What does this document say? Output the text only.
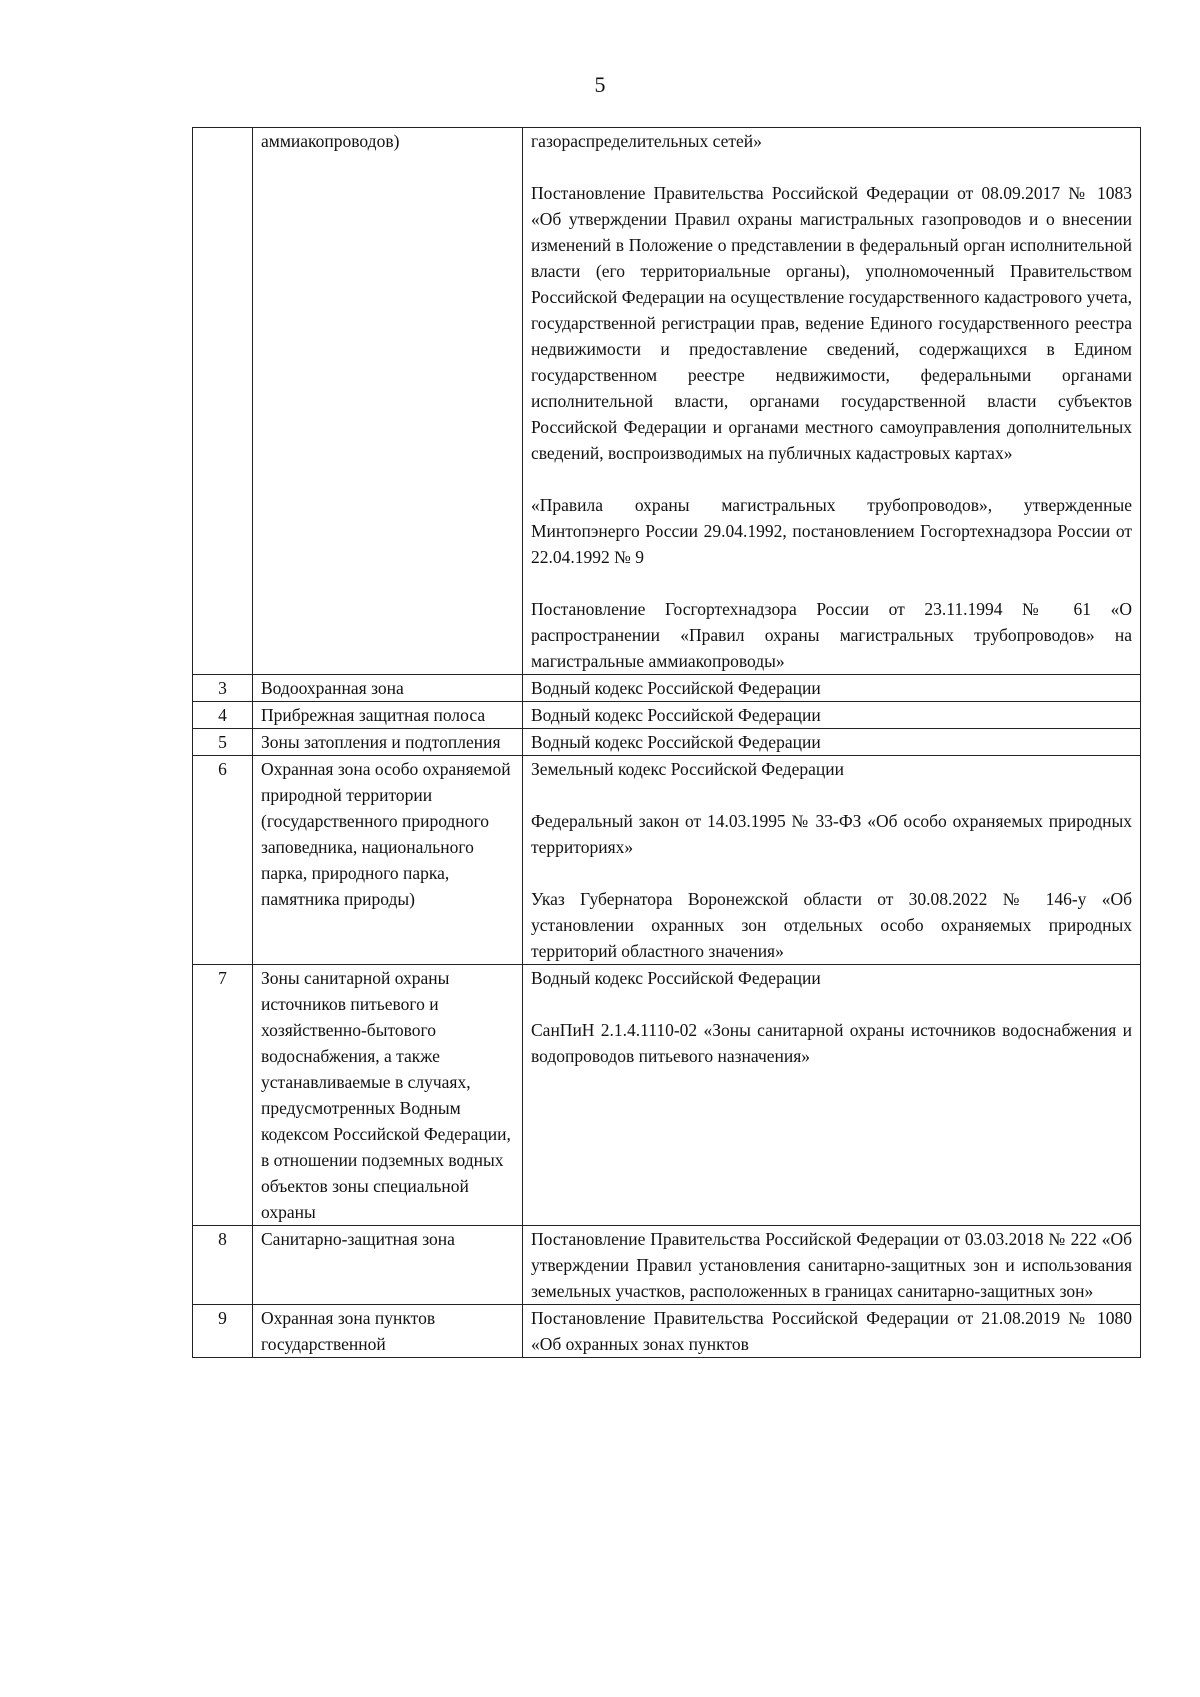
5
	аммиакопроводов)	газораспределительных сетей»

Постановление Правительства Российской Федерации от 08.09.2017 № 1083 «Об утверждении Правил охраны магистральных газопроводов и о внесении изменений в Положение о представлении в федеральный орган исполнительной власти (его территориальные органы), уполномоченный Правительством Российской Федерации на осуществление государственного кадастрового учета, государственной регистрации прав, ведение Единого государственного реестра недвижимости и предоставление сведений, содержащихся в Едином государственном реестре недвижимости, федеральными органами исполнительной власти, органами государственной власти субъектов Российской Федерации и органами местного самоуправления дополнительных сведений, воспроизводимых на публичных кадастровых картах»

«Правила охраны магистральных трубопроводов», утвержденные Минтопэнерго России 29.04.1992, постановлением Госгортехнадзора России от 22.04.1992 № 9

Постановление Госгортехнадзора России от 23.11.1994 № 61 «О распространении «Правил охраны магистральных трубопроводов» на магистральные аммиакопроводы»

3	Водоохранная зона	Водный кодекс Российской Федерации

4	Прибрежная защитная полоса	Водный кодекс Российской Федерации

5	Зоны затопления и подтопления	Водный кодекс Российской Федерации

6	Охранная зона особо охраняемой природной территории (государственного природного заповедника, национального парка, природного парка, памятника природы)	Земельный кодекс Российской Федерации

Федеральный закон от 14.03.1995 № 33-ФЗ «Об особо охраняемых природных территориях»

Указ Губернатора Воронежской области от 30.08.2022 № 146-у «Об установлении охранных зон отдельных особо охраняемых природных территорий областного значения»

7	Зоны санитарной охраны источников питьевого и хозяйственно-бытового водоснабжения, а также устанавливаемые в случаях, предусмотренных Водным кодексом Российской Федерации, в отношении подземных водных объектов зоны специальной охраны	Водный кодекс Российской Федерации

СанПиН 2.1.4.1110-02 «Зоны санитарной охраны источников водоснабжения и водопроводов питьевого назначения»

8	Санитарно-защитная зона	Постановление Правительства Российской Федерации от 03.03.2018 № 222 «Об утверждении Правил установления санитарно-защитных зон и использования земельных участков, расположенных в границах санитарно-защитных зон»

9	Охранная зона пунктов государственной	Постановление Правительства Российской Федерации от 21.08.2019 № 1080 «Об охранных зонах пунктов
